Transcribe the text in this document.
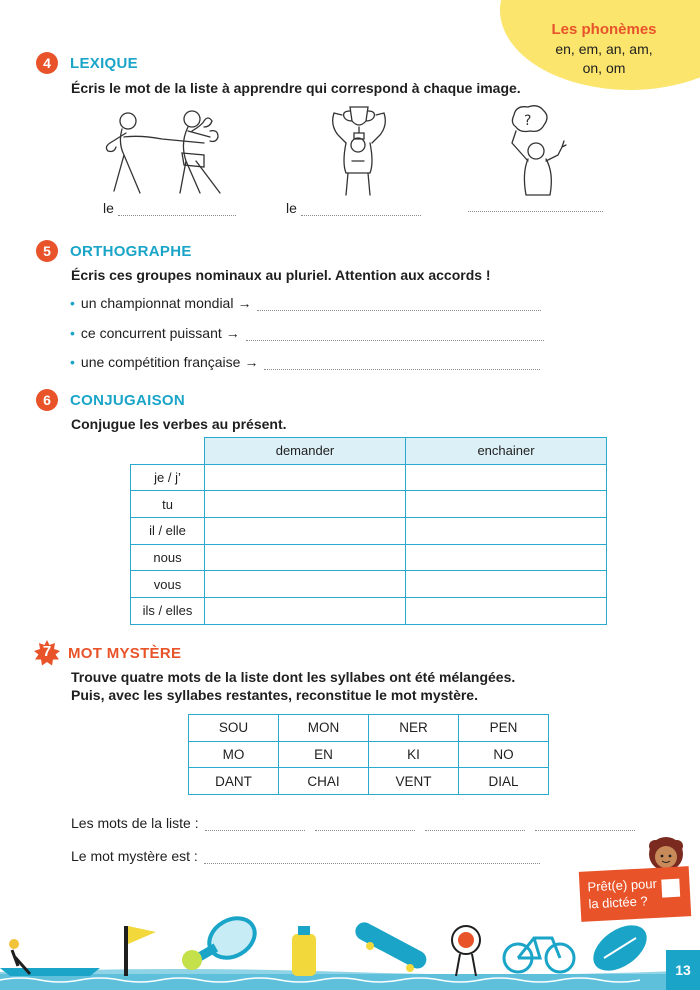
Les phonèmes
en, em, an, am,
on, om
4	LEXIQUE
Écris le mot de la liste à apprendre qui correspond à chaque image.
?
le	le
5	ORTHOGRAPHE
Écris ces groupes nominaux au pluriel. Attention aux accords !
• un championnat mondial →
• ce concurrent puissant →
• une compétition française →
6	CONJUGAISON
Conjugue les verbes au présent.
	demander	enchainer
je / j’		
tu		
il / elle		
nous		
vous		
ils / elles		
7	MOT MYSTÈRE
Trouve quatre mots de la liste dont les syllabes ont été mélangées.
Puis, avec les syllabes restantes, reconstitue le mot mystère.
SOU	MON	NER	PEN
MO	EN	KI	NO
DANT	CHAI	VENT	DIAL
Les mots de la liste :
Le mot mystère est :
Prêt(e) pour
la dictée ?
13
